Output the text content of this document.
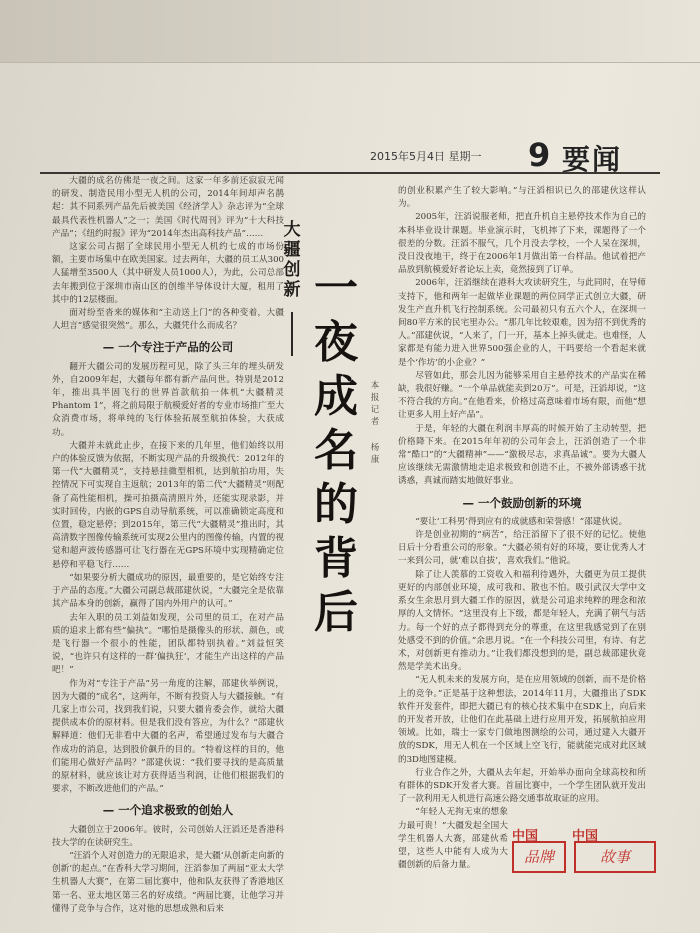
2015年5月4日 星期一 9 要闻

大疆的成名仿佛是一夜之间。这家一年多前还寂寂无闻的研发、制造民用小型无人机的公司，2014年间却声名鹊起：其不同系列产品先后被美国《经济学人》杂志评为“全球最具代表性机器人”之一；美国《时代周刊》评为“十大科技产品”；《纽约时报》评为“2014年杰出高科技产品”……

这家公司占据了全球民用小型无人机约七成的市场份额，主要市场集中在欧美国家。过去两年，大疆的员工从300人猛增至3500人（其中研发人员1000人），为此，公司总部去年搬到位于深圳市南山区的创维半导体设计大厦，租用了其中的12层楼面。

面对纷至沓来的媒体和“主动送上门”的各种变着，大疆人坦言“感觉很突然”。那么，大疆凭什么而成名？

— 一个专注于产品的公司

翻开大疆公司的发展历程可见，除了头三年的埋头研发外，自2009年起，大疆每年都有新产品问世。特别是2012年，推出具半固飞行的世界首款航拍一体机“大疆精灵Phantom 1”，将之前局限于航模爱好者的专业市场推广至大众消费市场，将单纯的飞行体验拓展至航拍体验，大获成功。

大疆并未就此止步，在接下来的几年里，他们始终以用户的体验反馈为依据，不断实现产品的升级换代：2012年的第一代“大疆精灵”，支持悬挂微型相机，达到航拍功用，失控情况下可实现自主返航；2013年的第二代“大疆精灵”则配备了高性能相机，操可拍摄高清照片外，还能实现录影，并实时回传，内嵌的GPS自动导航系统，可以准确锁定高度和位置，稳定悬停；到2015年，第三代“大疆精灵”推出时，其高清数字图像传输系统可实现2公里内的图像传输，内置的视觉和超声波传感器可让飞行器在无GPS环境中实现精确定位悬停和平稳飞行……

“如果要分析大疆成功的原因，最重要的，是它始终专注于产品的态度。”大疆公司副总裁邵建伙说，“大疆完全是依靠其产品本身的创新，赢得了国内外用户的认可。”

去年入职的员工刘益如发现，公司里的员工，在对产品质的追求上都有些“偏执”。“哪怕是摄像头的形状、颜色，或是飞行器一个很小的性能，团队都特别执着。”刘益恒笑说，“也许只有这样的一群‘偏执狂’，才能生产出这样的产品吧！”

作为对“专注于产品”另一角度的注解，邵建伙举例说，因为大疆的“成名”，这两年，不断有投资人与大疆接触。“有几家上市公司，找到我们说，只要大疆肯委会作，就给大疆提供成本价的原材料。但是我们没有答应，为什么？”邵建伙解释道：他们无非看中大疆的名声，希望通过发布与大疆合作成功的消息，达到股价飙升的目的。“特着这样的目的，他们能用心做好产品吗？”邵建伙说：“我们要寻找的是高质量的原材料，就应该让对方获得适当利润，让他们根据我们的要求，不断改进他们的产品。”

— 一个追求极致的创始人

大疆创立于2006年。彼时，公司创始人汪滔还是香港科技大学的在读研究生。

“汪滔个人对创造力的无限追求，是大疆‘从创新走向新的创新’的起点。”在香科大学习期间，汪滔参加了两届“亚太大学生机器人大赛”，在第二届比赛中，他和队友获得了香港地区第一名、亚太地区第三名的好成绩。“两届比赛，让他学习并懂得了竞争与合作，这对他的思想成熟和后来

大疆创新 一夜成名的背后
本报记者
杨 康

的创业积累产生了较大影响。”与汪滔相识已久的邵建伙这样认为。

2005年，汪滔说服老师，把直升机自主悬停技术作为自己的本科毕业设计课题。毕业演示时，飞机摔了下来，课题得了一个很差的分数。汪滔不服气，几个月没去学校，一个人呆在深圳，没日没夜地干，终于在2006年1月做出第一台样品。他试着把产品放到航模爱好者论坛上卖，竟然接到了订单。

2006年，汪滔继续在港科大攻读研究生，与此同时，在导师支持下，他和两年一起做毕业课题的两位同学正式创立大疆，研发生产直升机飞行控制系统。公司最初只有五六个人，在深圳一间80平方米的民宅里办公。“那几年比较艰难，因为招不到优秀的人。”邵建伙说，“人来了，门一开，基本上掉头就走。也难怪，人家都是有能力进入世界500强企业的人，干吗要给一个看起来就是个‘作坊’的小企业？”

尽管如此，那会儿因为能够采用自主悬停技术的产品实在稀缺，我很好赚。“一个单品就能卖到20万”。可是，汪滔却说，“这不符合我的方向。”在他看来，价格过高意味着市场有限，而他“想让更多人用上好产品”。

于是，年轻的大疆在利润丰厚高的时候开始了主动转型，把价格降下来。在2015年年初的公司年会上，汪滔创造了一个非常“酷口”的“大疆精神”——“激极尽志，求真品诚”。要为大疆人应该继续无需激情地走追求极致和创造不止，不被外部诱惑干扰诱惑，真诚而踏实地做好事业。

— 一个鼓励创新的环境

“要让‘工科男’得到应有的成就感和荣誉感！”邵建伙说。

许是创业初期的“病苦”，给汪滔留下了很不好的记忆。使他日后十分看重公司的形象。“大疆必须有好的环境，要让优秀人才一来到公司，就‘难以自拔’，喜欢我们。”他说。

除了让人羡慕的工资收入和福利待遇外，大疆更为员工提供更好的内部创业环境，成可我和、散也不怕。吸引武汉大学中文系女生余思月到大疆工作的原因，就是公司追求纯粹的理念和浓厚的人文情怀。“这里没有上下级，都是年轻人，充满了朝气与活力。每一个好的点子都得到充分的尊重，在这里我感觉到了在别处感受不到的价值。”余思月说。“在一个科技公司里，有诗、有艺术，对创新更有推动力。”让我们都没想到的是，副总裁邵建伙竟然是学美术出身。

“无人机未来的发展方向，是在应用领域的创新，而不是价格上的竞争。”正是基于这种想法，2014年11月，大疆推出了SDK软件开发套件，即把大疆已有的核心技术集中在SDK上，向后来的开发者开放，让他们在此基础上进行应用开发，拓展航拍应用领域。比如，瑞士一家专门做地图测绘的公司，通过建入大疆开放的SDK，用无人机在一个区域上空飞行，能就能完成对此区域的3D地图建模。

行业合作之外，大疆从去年起，开始举办面向全球高校和所有群体的SDK开发者大赛。首届比赛中，一个学生团队就开发出了一款利用无人机进行高速公路交通事故取证的应用。

“年轻人无拘无束的想象力最可贵！”大疆发起全国大学生机器人大赛，邵建伙希望，这些人中能有人成为大疆创新的后备力量。

中国	中国
品牌	故事
